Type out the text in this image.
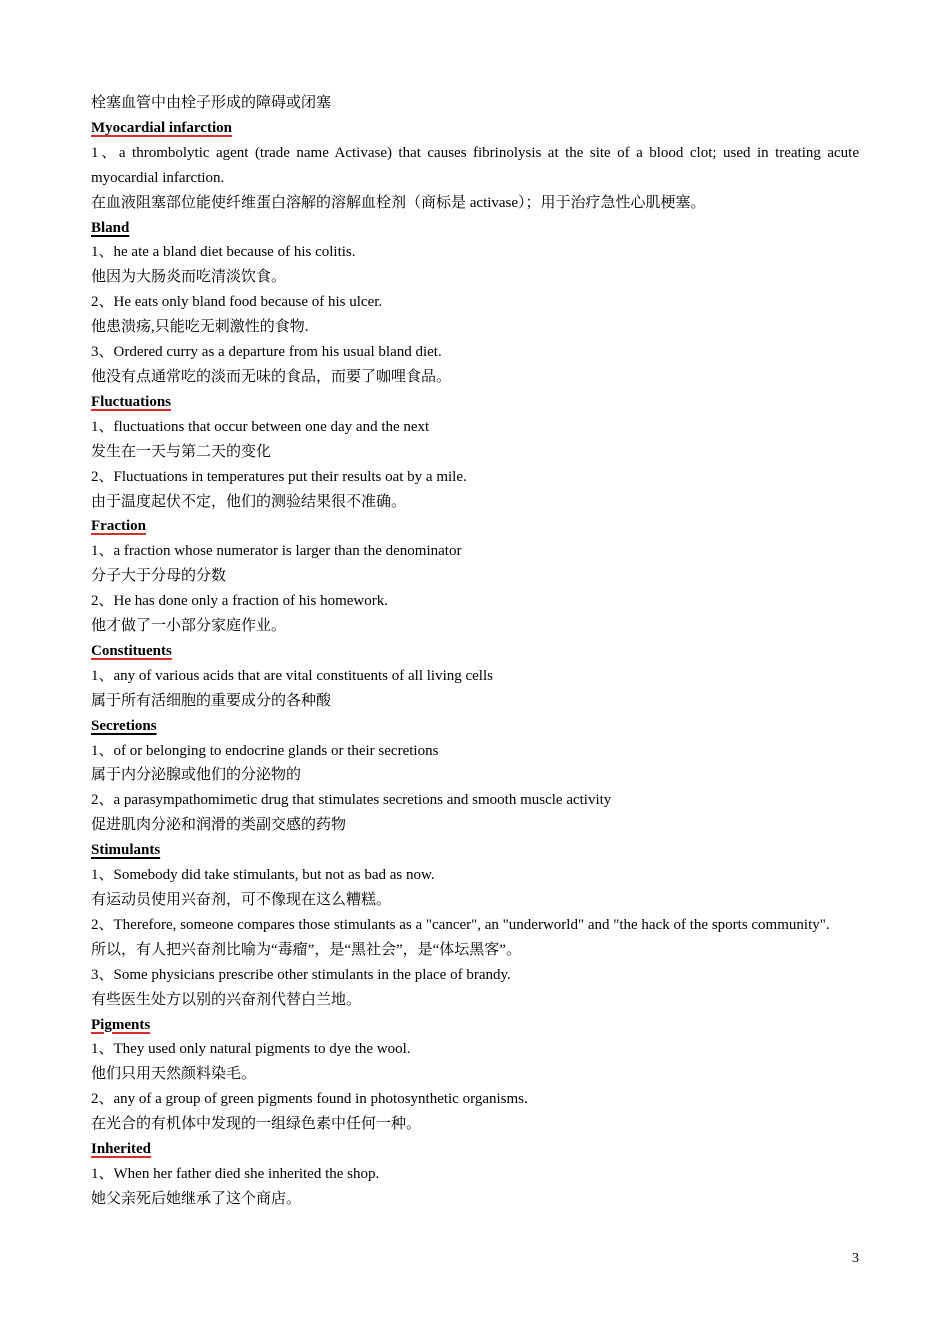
栓塞血管中由栓子形成的障碍或闭塞

Myocardial infarction

1、a thrombolytic agent (trade name Activase) that causes fibrinolysis at the site of a blood clot; used in treating acute myocardial infarction.

在血液阻塞部位能使纤维蛋白溶解的溶解血栓剂（商标是 activase）；用于治疗急性心肌梗塞。

Bland

1、he ate a bland diet because of his colitis.

他因为大肠炎而吃清淡饮食。

2、He eats only bland food because of his ulcer.

他患溃疡,只能吃无刺激性的食物.

3、Ordered curry as a departure from his usual bland diet.

他没有点通常吃的淡而无味的食品，而要了咖哩食品。

Fluctuations

1、fluctuations that occur between one day and the next

发生在一天与第二天的变化

2、Fluctuations in temperatures put their results oat by a mile.

由于温度起伏不定，他们的测验结果很不准确。

Fraction

1、a fraction whose numerator is larger than the denominator

分子大于分母的分数

2、He has done only a fraction of his homework.

他才做了一小部分家庭作业。

Constituents

1、any of various acids that are vital constituents of all living cells

属于所有活细胞的重要成分的各种酸

Secretions

1、of or belonging to endocrine glands or their secretions

属于内分泌腺或他们的分泌物的

2、a parasympathomimetic drug that stimulates secretions and smooth muscle activity

促进肌肉分泌和润滑的类副交感的药物

Stimulants

1、Somebody did take stimulants, but not as bad as now.

有运动员使用兴奋剂，可不像现在这么糟糕。

2、Therefore, someone compares those stimulants as a "cancer", an "underworld" and "the hack of the sports community".

所以，有人把兴奋剂比喻为“毒瘤”，是“黑社会”，是“体坛黑客”。

3、Some physicians prescribe other stimulants in the place of brandy.

有些医生处方以别的兴奋剂代替白兰地。

Pigments

1、They used only natural pigments to dye the wool.

他们只用天然颜料染毛。

2、any of a group of green pigments found in photosynthetic organisms.

在光合的有机体中发现的一组绿色素中任何一种。

Inherited

1、When her father died she inherited the shop.

她父亲死后她继承了这个商店。

3
